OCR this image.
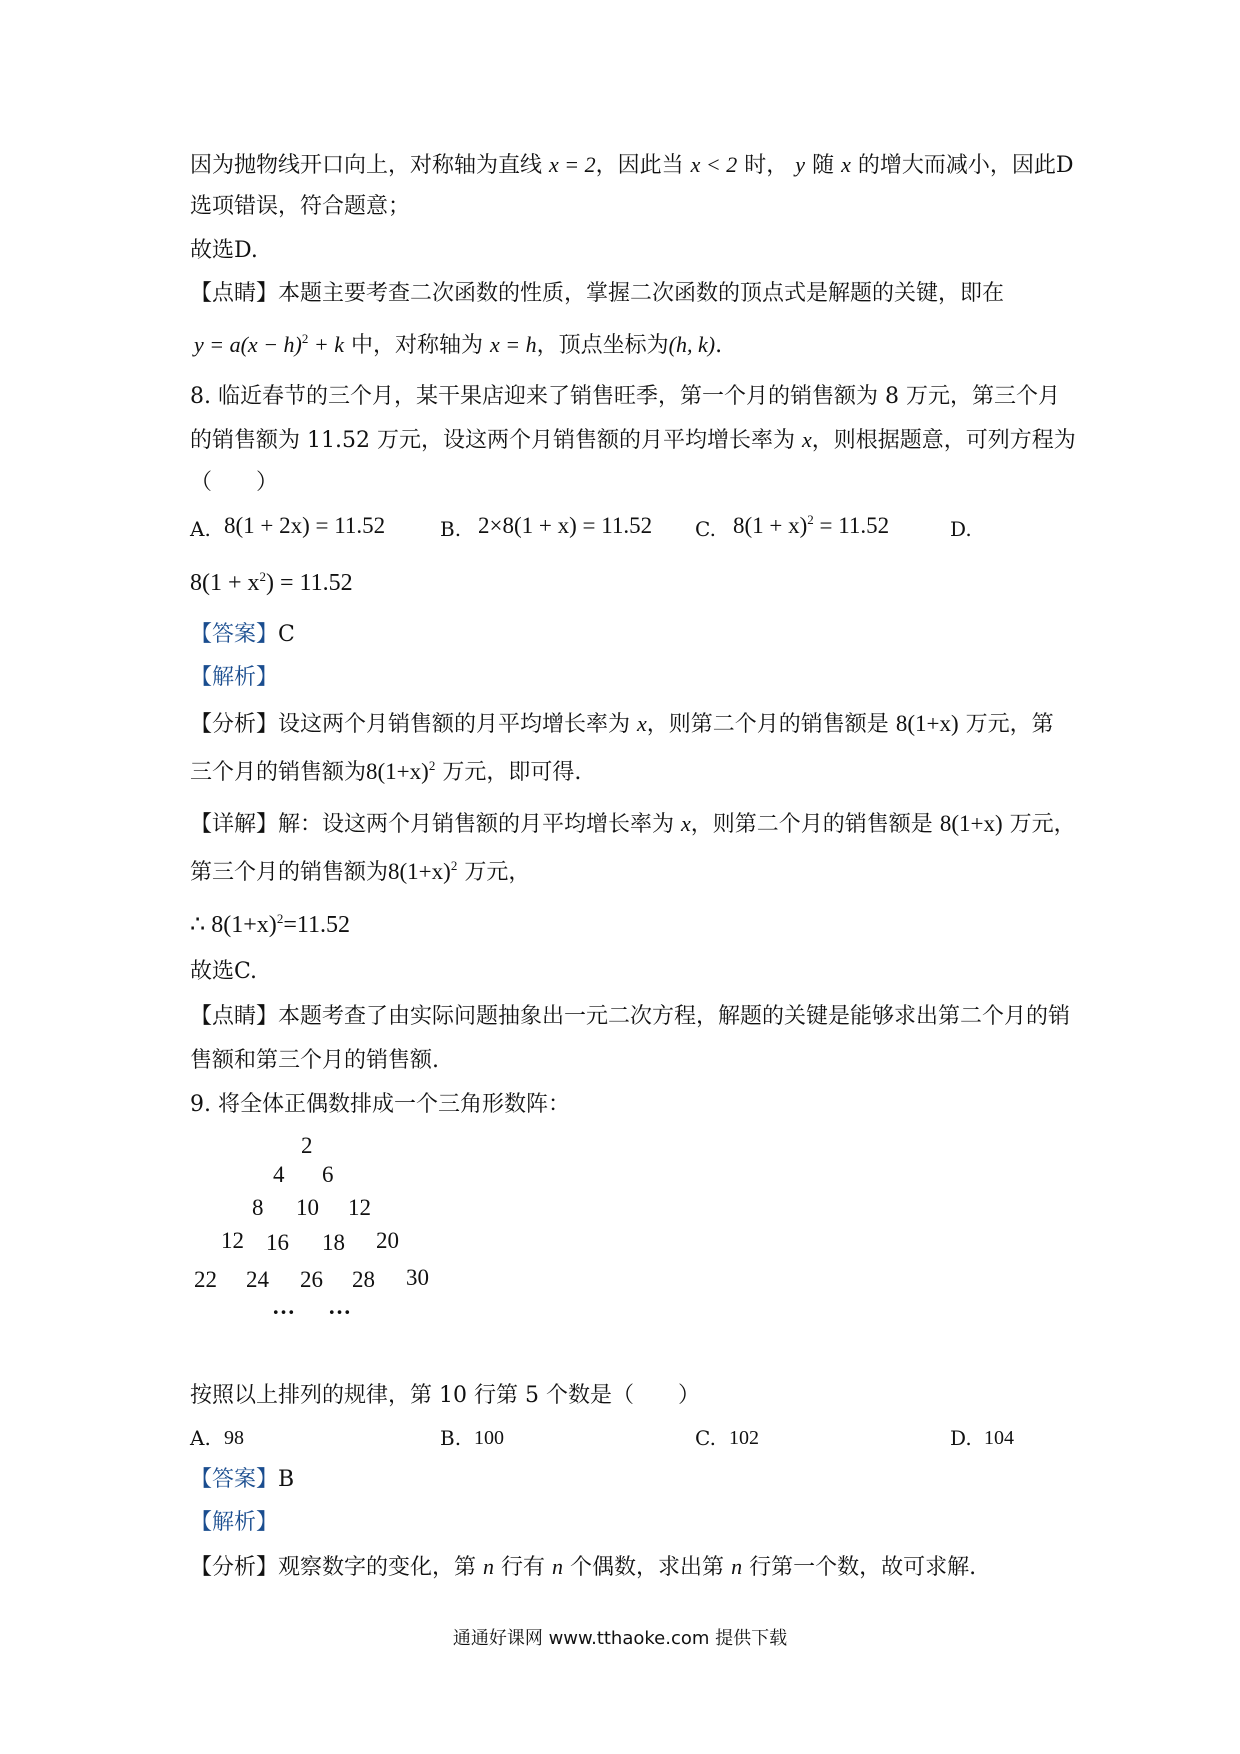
因为抛物线开口向上，对称轴为直线 x = 2，因此当 x < 2 时， y 随 x 的增大而减小，因此D
选项错误，符合题意；
故选D.
【点睛】本题主要考查二次函数的性质，掌握二次函数的顶点式是解题的关键，即在
$y = a(x - h)^2 + k$ 中，对称轴为 x = h，顶点坐标为(h, k).
8. 临近春节的三个月，某干果店迎来了销售旺季，第一个月的销售额为 8 万元，第三个月
的销售额为 11.52 万元，设这两个月销售额的月平均增长率为 x，则根据题意，可列方程为
（　　）
A. 8(1 + 2x) = 11.52	B. 2×8(1 + x) = 11.52 C. $8(1 + x)^2 = 11.52$	D.
$8(1 + x^2) = 11.52$
【答案】C
【解析】
【分析】设这两个月销售额的月平均增长率为 x，则第二个月的销售额是 8(1+x) 万元，第
三个月的销售额为$8(1+x)^2$ 万元，即可得.
【详解】解：设这两个月销售额的月平均增长率为 x，则第二个月的销售额是 8(1+x) 万元，
第三个月的销售额为$8(1+x)^2$ 万元，
∴ $8(1+x)^2=11.52$
故选C.
【点睛】本题考查了由实际问题抽象出一元二次方程，解题的关键是能够求出第二个月的销
售额和第三个月的销售额.
9. 将全体正偶数排成一个三角形数阵：
2
4 6
8 10 12
12 16 18 20
22 24 26 28 30
… …
按照以上排列的规律，第 10 行第 5 个数是（　　）
A. 98	B. 100	C. 102	D. 104
【答案】B
【解析】
【分析】观察数字的变化，第 n 行有 n 个偶数，求出第 n 行第一个数，故可求解.
通通好课网 www.tthaoke.com 提供下载
